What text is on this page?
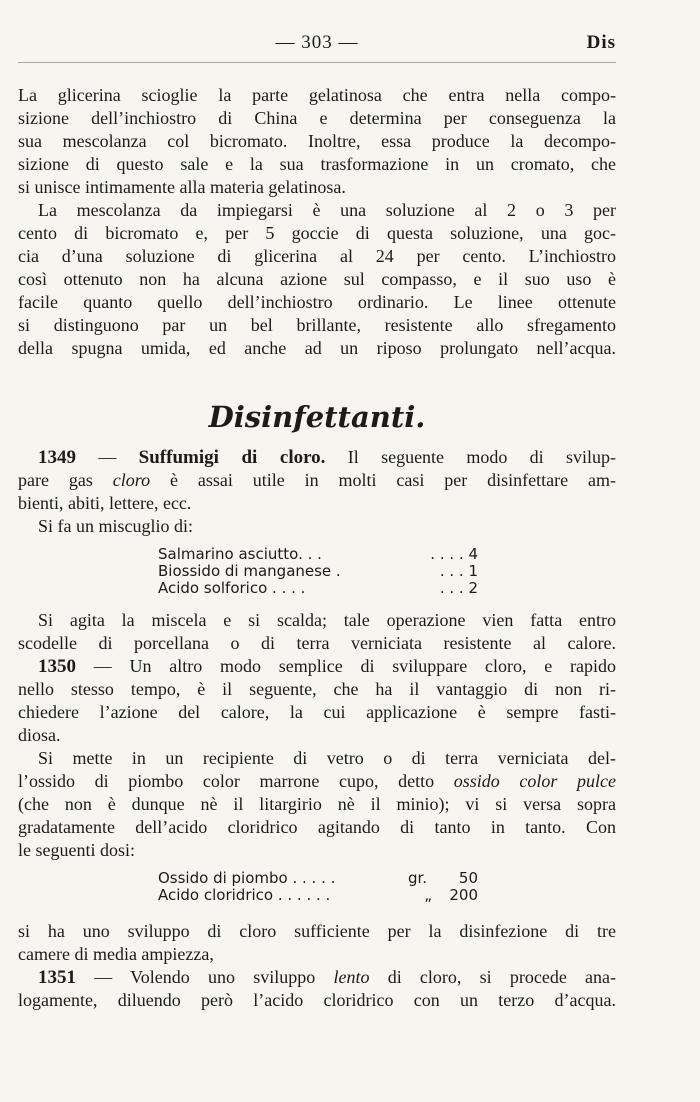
— 303 —	Dis

La glicerina scioglie la parte gelatinosa che entra nella compo-

sizione dell’inchiostro di China e determina per conseguenza la

sua mescolanza col bicromato. Inoltre, essa produce la decompo-

sizione di questo sale e la sua trasformazione in un cromato, che

si unisce intimamente alla materia gelatinosa.

La mescolanza da impiegarsi è una soluzione al 2 o 3 per

cento di bicromato e, per 5 goccie di questa soluzione, una goc-

cia d’una soluzione di glicerina al 24 per cento. L’inchiostro

così ottenuto non ha alcuna azione sul compasso, e il suo uso è

facile quanto quello dell’inchiostro ordinario. Le linee ottenute

si distinguono par un bel brillante, resistente allo sfregamento

della spugna umida, ed anche ad un riposo prolungato nell’acqua.

Disinfettanti.

1349 — Suffumigi di cloro. Il seguente modo di svilup-

pare gas cloro è assai utile in molti casi per disinfettare am-

bienti, abiti, lettere, ecc.

Si fa un miscuglio di:

Salmarino asciutto. . .	. . . . 4
Biossido di manganese .	. . . 1
Acido solforico . . . .	. . . 2

Si agita la miscela e si scalda; tale operazione vien fatta entro

scodelle di porcellana o di terra verniciata resistente al calore.

1350 — Un altro modo semplice di sviluppare cloro, e rapido

nello stesso tempo, è il seguente, che ha il vantaggio di non ri-

chiedere l’azione del calore, la cui applicazione è sempre fasti-

diosa.

Si mette in un recipiente di vetro o di terra verniciata del-

l’ossido di piombo color marrone cupo, detto ossido color pulce

(che non è dunque nè il litargirio nè il minio); vi si versa sopra

gradatamente dell’acido cloridrico agitando di tanto in tanto. Con

le seguenti dosi:

Ossido di piombo . . . . .	gr.	50
Acido cloridrico . . . . . .	„	200

si ha uno sviluppo di cloro sufficiente per la disinfezione di tre

camere di media ampiezza,

1351 — Volendo uno sviluppo lento di cloro, si procede ana-

logamente, diluendo però l’acido cloridrico con un terzo d’acqua.
